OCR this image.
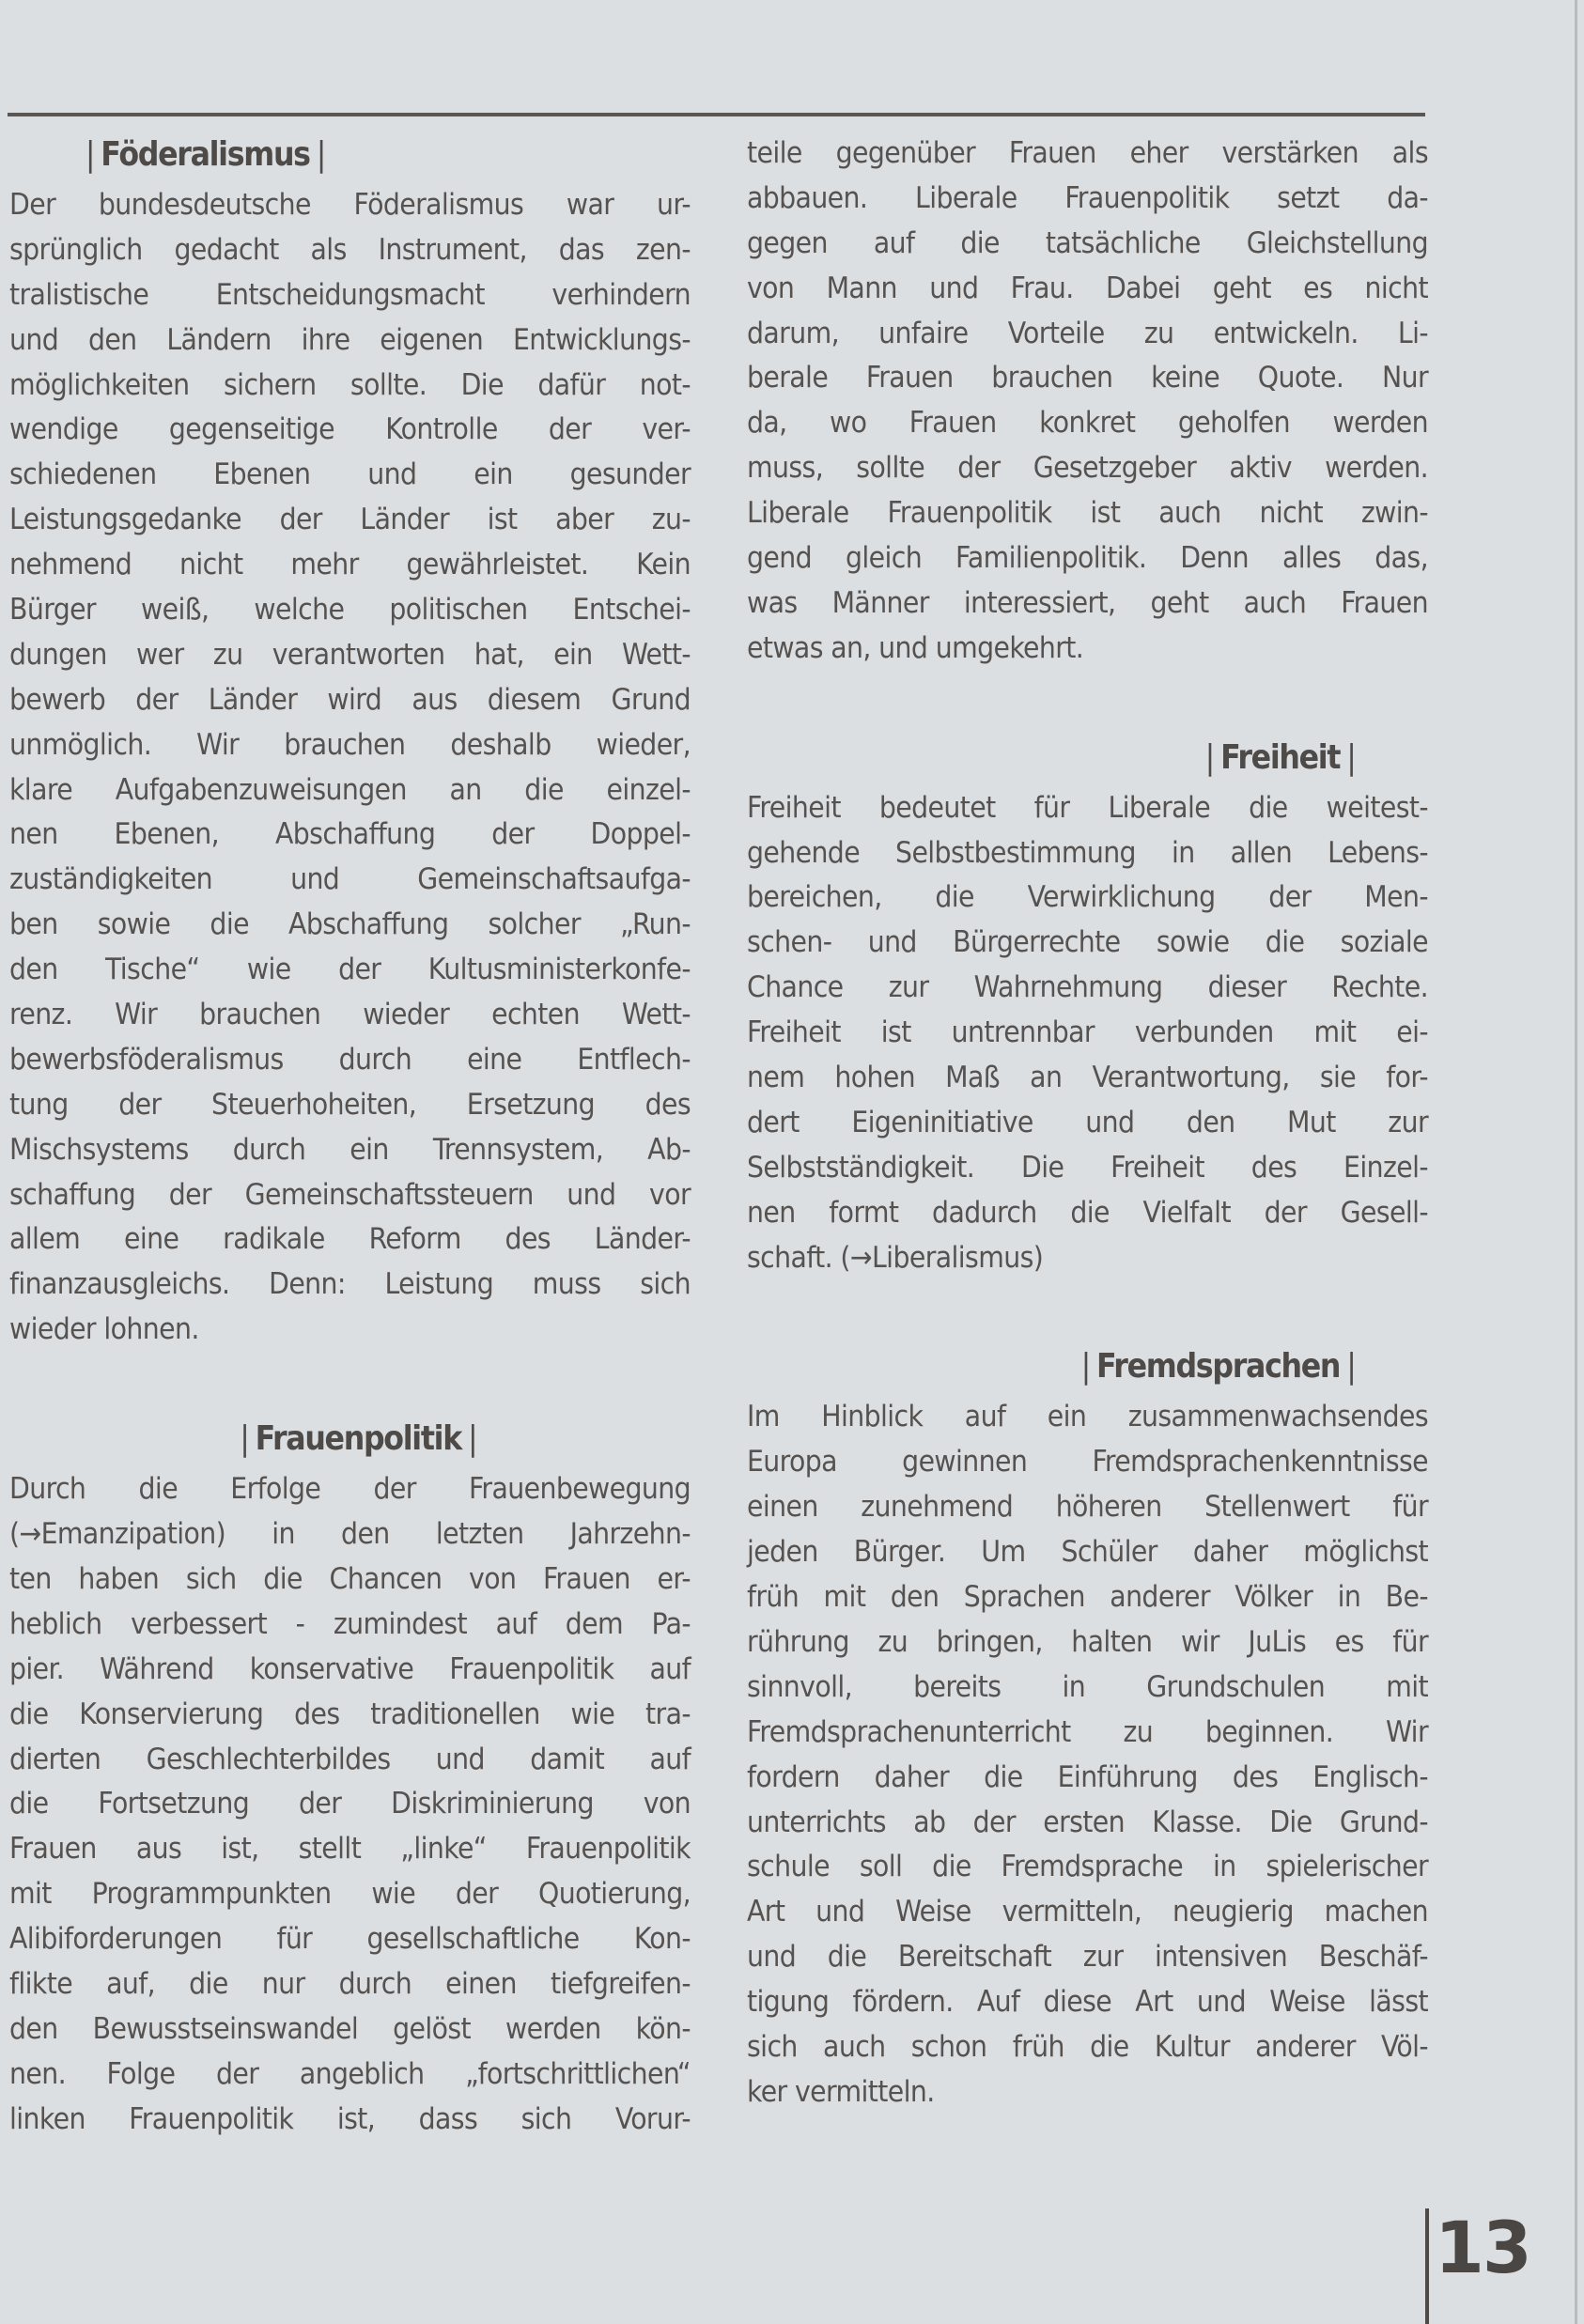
| Föderalismus |
Der bundesdeutsche Föderalismus war ur-
sprünglich gedacht als Instrument, das zen-
tralistische Entscheidungsmacht verhindern
und den Ländern ihre eigenen Entwicklungs-
möglichkeiten sichern sollte. Die dafür not-
wendige gegenseitige Kontrolle der ver-
schiedenen Ebenen und ein gesunder
Leistungsgedanke der Länder ist aber zu-
nehmend nicht mehr gewährleistet. Kein
Bürger weiß, welche politischen Entschei-
dungen wer zu verantworten hat, ein Wett-
bewerb der Länder wird aus diesem Grund
unmöglich. Wir brauchen deshalb wieder,
klare Aufgabenzuweisungen an die einzel-
nen Ebenen, Abschaffung der Doppel-
zuständigkeiten und Gemeinschaftsaufga-
ben sowie die Abschaffung solcher „Run-
den Tische“ wie der Kultusministerkonfe-
renz. Wir brauchen wieder echten Wett-
bewerbsföderalismus durch eine Entflech-
tung der Steuerhoheiten, Ersetzung des
Mischsystems durch ein Trennsystem, Ab-
schaffung der Gemeinschaftssteuern und vor
allem eine radikale Reform des Länder-
finanzausgleichs. Denn: Leistung muss sich
wieder lohnen.
| Frauenpolitik |
Durch die Erfolge der Frauenbewegung
(→Emanzipation) in den letzten Jahrzehn-
ten haben sich die Chancen von Frauen er-
heblich verbessert - zumindest auf dem Pa-
pier. Während konservative Frauenpolitik auf
die Konservierung des traditionellen wie tra-
dierten Geschlechterbildes und damit auf
die Fortsetzung der Diskriminierung von
Frauen aus ist, stellt „linke“ Frauenpolitik
mit Programmpunkten wie der Quotierung,
Alibiforderungen für gesellschaftliche Kon-
flikte auf, die nur durch einen tiefgreifen-
den Bewusstseinswandel gelöst werden kön-
nen. Folge der angeblich „fortschrittlichen“
linken Frauenpolitik ist, dass sich Vorur-
teile gegenüber Frauen eher verstärken als
abbauen. Liberale Frauenpolitik setzt da-
gegen auf die tatsächliche Gleichstellung
von Mann und Frau. Dabei geht es nicht
darum, unfaire Vorteile zu entwickeln. Li-
berale Frauen brauchen keine Quote. Nur
da, wo Frauen konkret geholfen werden
muss, sollte der Gesetzgeber aktiv werden.
Liberale Frauenpolitik ist auch nicht zwin-
gend gleich Familienpolitik. Denn alles das,
was Männer interessiert, geht auch Frauen
etwas an, und umgekehrt.
| Freiheit |
Freiheit bedeutet für Liberale die weitest-
gehende Selbstbestimmung in allen Lebens-
bereichen, die Verwirklichung der Men-
schen- und Bürgerrechte sowie die soziale
Chance zur Wahrnehmung dieser Rechte.
Freiheit ist untrennbar verbunden mit ei-
nem hohen Maß an Verantwortung, sie for-
dert Eigeninitiative und den Mut zur
Selbstständigkeit. Die Freiheit des Einzel-
nen formt dadurch die Vielfalt der Gesell-
schaft. (→Liberalismus)
| Fremdsprachen |
Im Hinblick auf ein zusammenwachsendes
Europa gewinnen Fremdsprachenkenntnisse
einen zunehmend höheren Stellenwert für
jeden Bürger. Um Schüler daher möglichst
früh mit den Sprachen anderer Völker in Be-
rührung zu bringen, halten wir JuLis es für
sinnvoll, bereits in Grundschulen mit
Fremdsprachenunterricht zu beginnen. Wir
fordern daher die Einführung des Englisch-
unterrichts ab der ersten Klasse. Die Grund-
schule soll die Fremdsprache in spielerischer
Art und Weise vermitteln, neugierig machen
und die Bereitschaft zur intensiven Beschäf-
tigung fördern. Auf diese Art und Weise lässt
sich auch schon früh die Kultur anderer Völ-
ker vermitteln.
13
